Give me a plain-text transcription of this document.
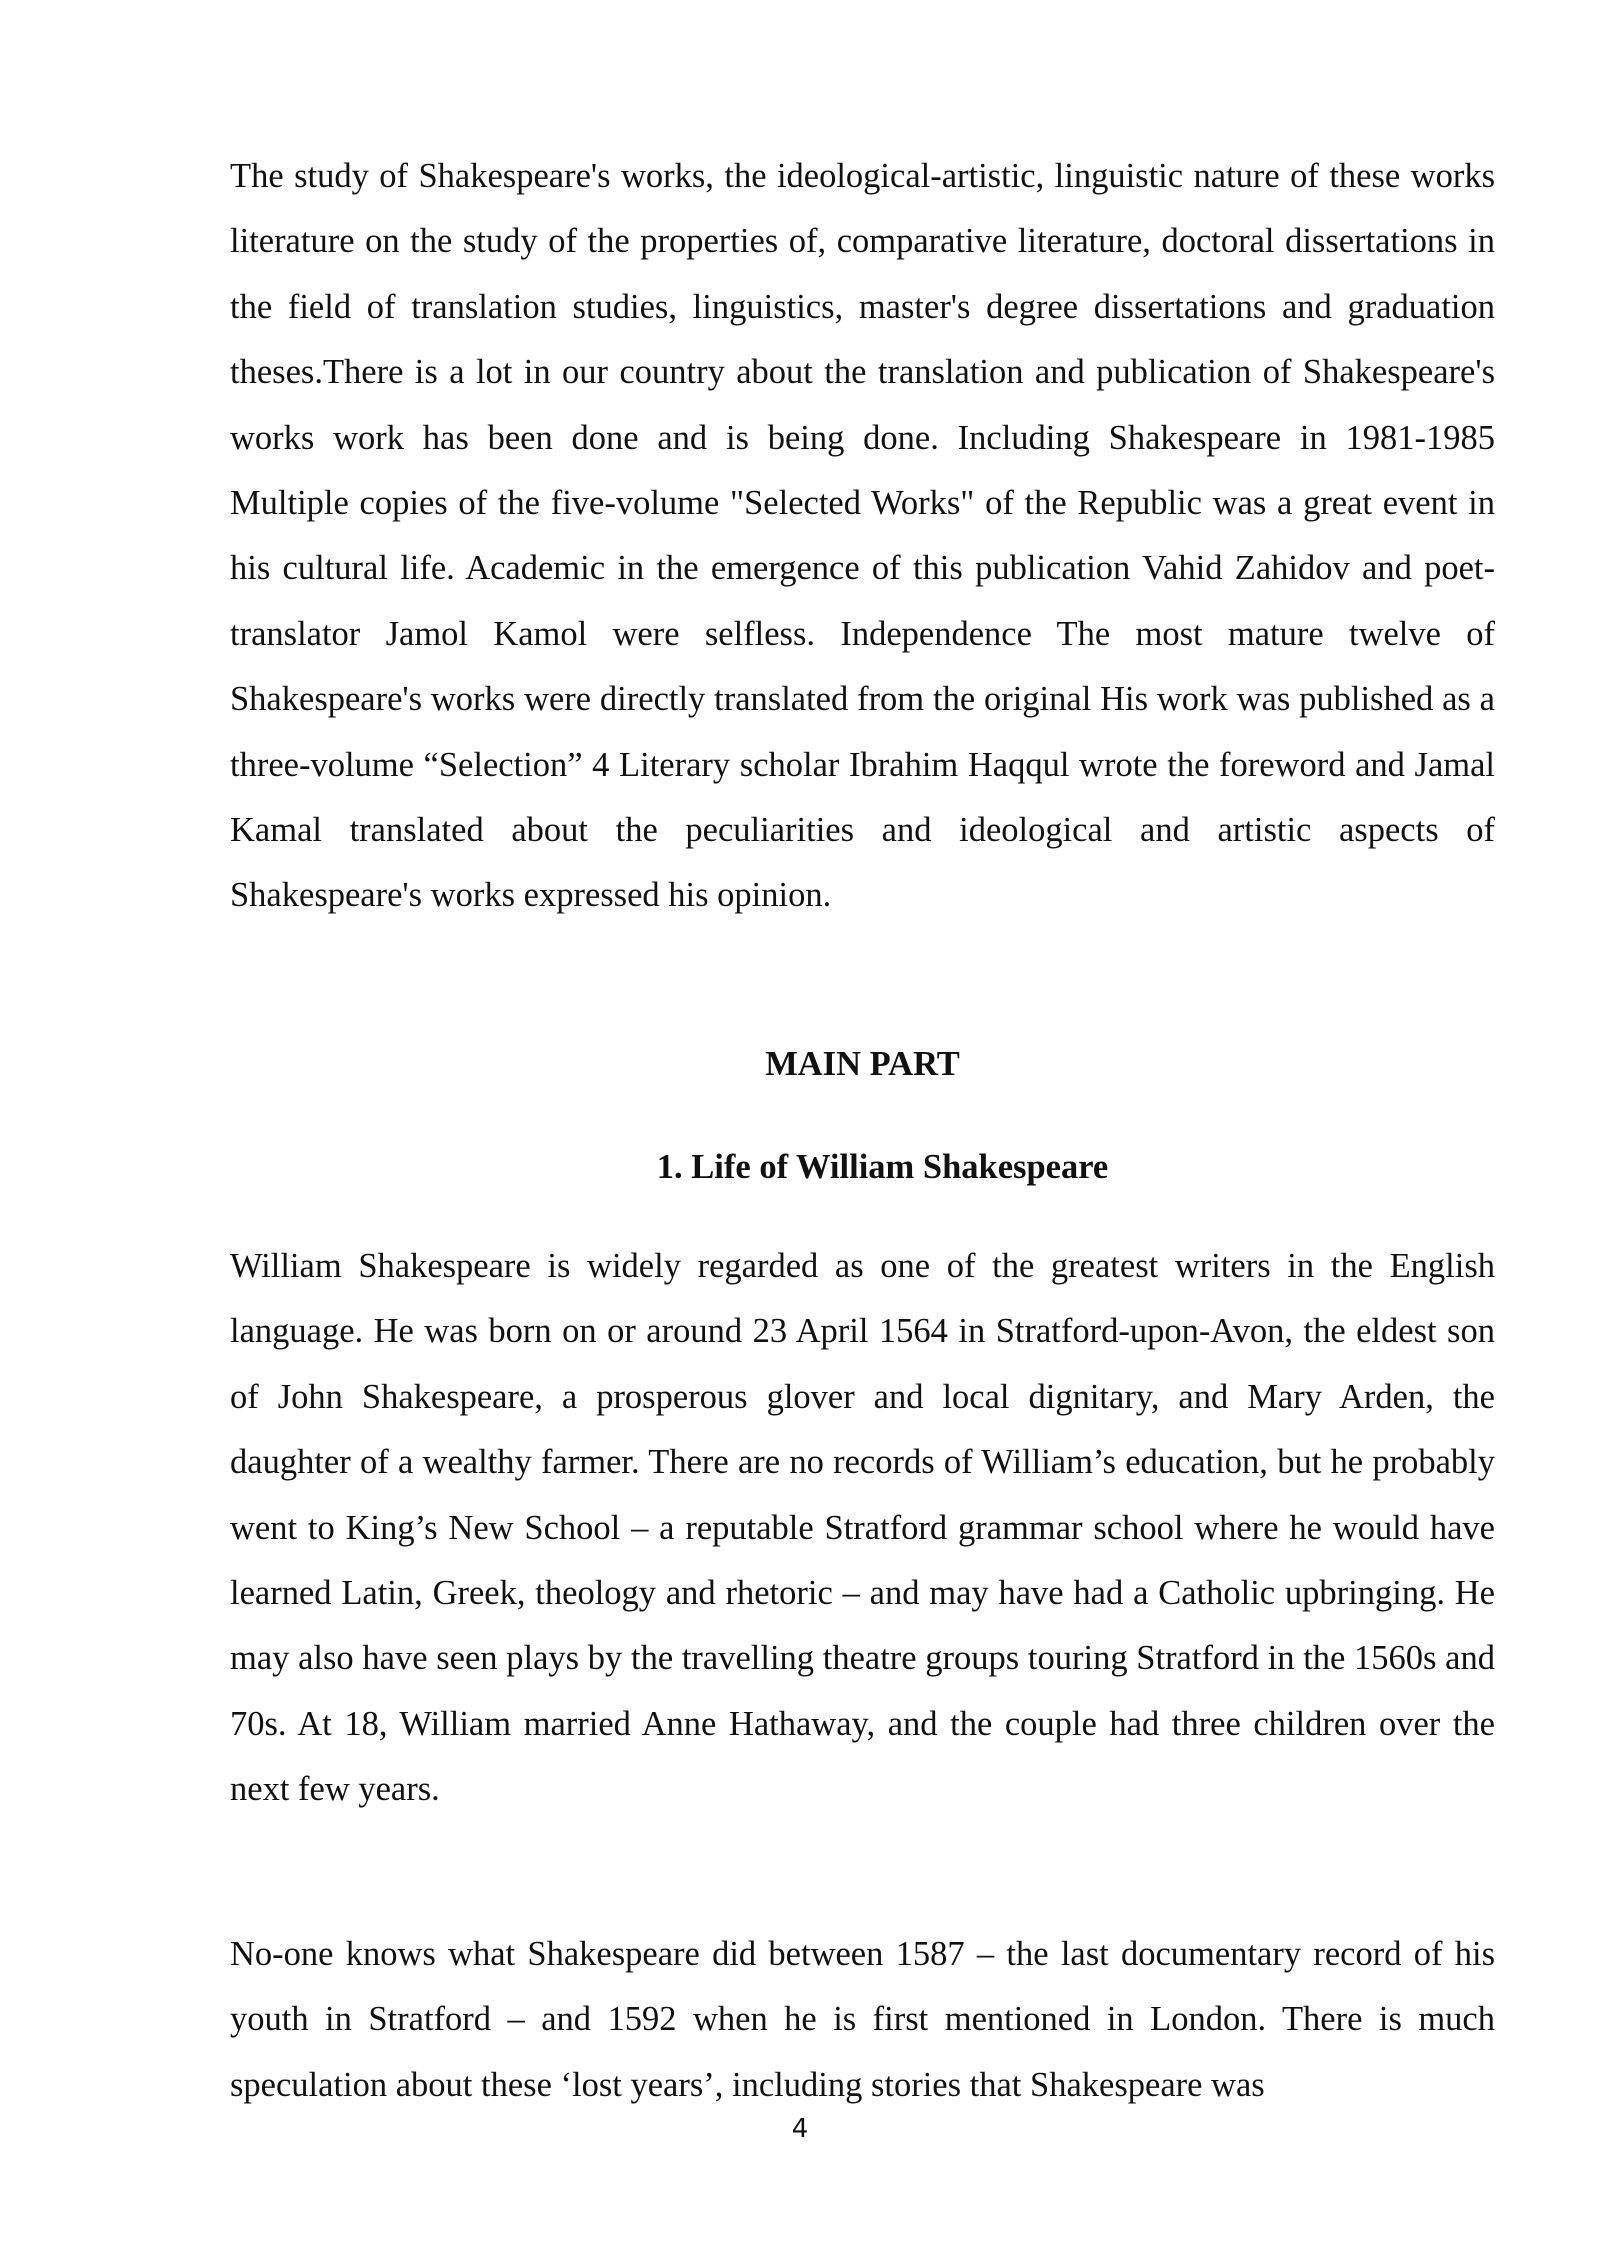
The study of Shakespeare's works, the ideological-artistic, linguistic nature of these works literature on the study of the properties of, comparative literature, doctoral dissertations in the field of translation studies, linguistics, master's degree dissertations and graduation theses.There is a lot in our country about the translation and publication of Shakespeare's works work has been done and is being done. Including Shakespeare in 1981-1985 Multiple copies of the five-volume "Selected Works" of the Republic was a great event in his cultural life. Academic in the emergence of this publication Vahid Zahidov and poet-translator Jamol Kamol were selfless. Independence The most mature twelve of Shakespeare's works were directly translated from the original His work was published as a three-volume “Selection” 4 Literary scholar Ibrahim Haqqul wrote the foreword and Jamal Kamal translated about the peculiarities and ideological and artistic aspects of Shakespeare's works expressed his opinion.

MAIN PART
1. Life of William Shakespeare

William Shakespeare is widely regarded as one of the greatest writers in the English language. He was born on or around 23 April 1564 in Stratford-upon-Avon, the eldest son of John Shakespeare, a prosperous glover and local dignitary, and Mary Arden, the daughter of a wealthy farmer. There are no records of William’s education, but he probably went to King’s New School – a reputable Stratford grammar school where he would have learned Latin, Greek, theology and rhetoric – and may have had a Catholic upbringing. He may also have seen plays by the travelling theatre groups touring Stratford in the 1560s and 70s. At 18, William married Anne Hathaway, and the couple had three children over the next few years.

No-one knows what Shakespeare did between 1587 – the last documentary record of his youth in Stratford – and 1592 when he is first mentioned in London. There is much speculation about these ‘lost years’, including stories that Shakespeare was

4
